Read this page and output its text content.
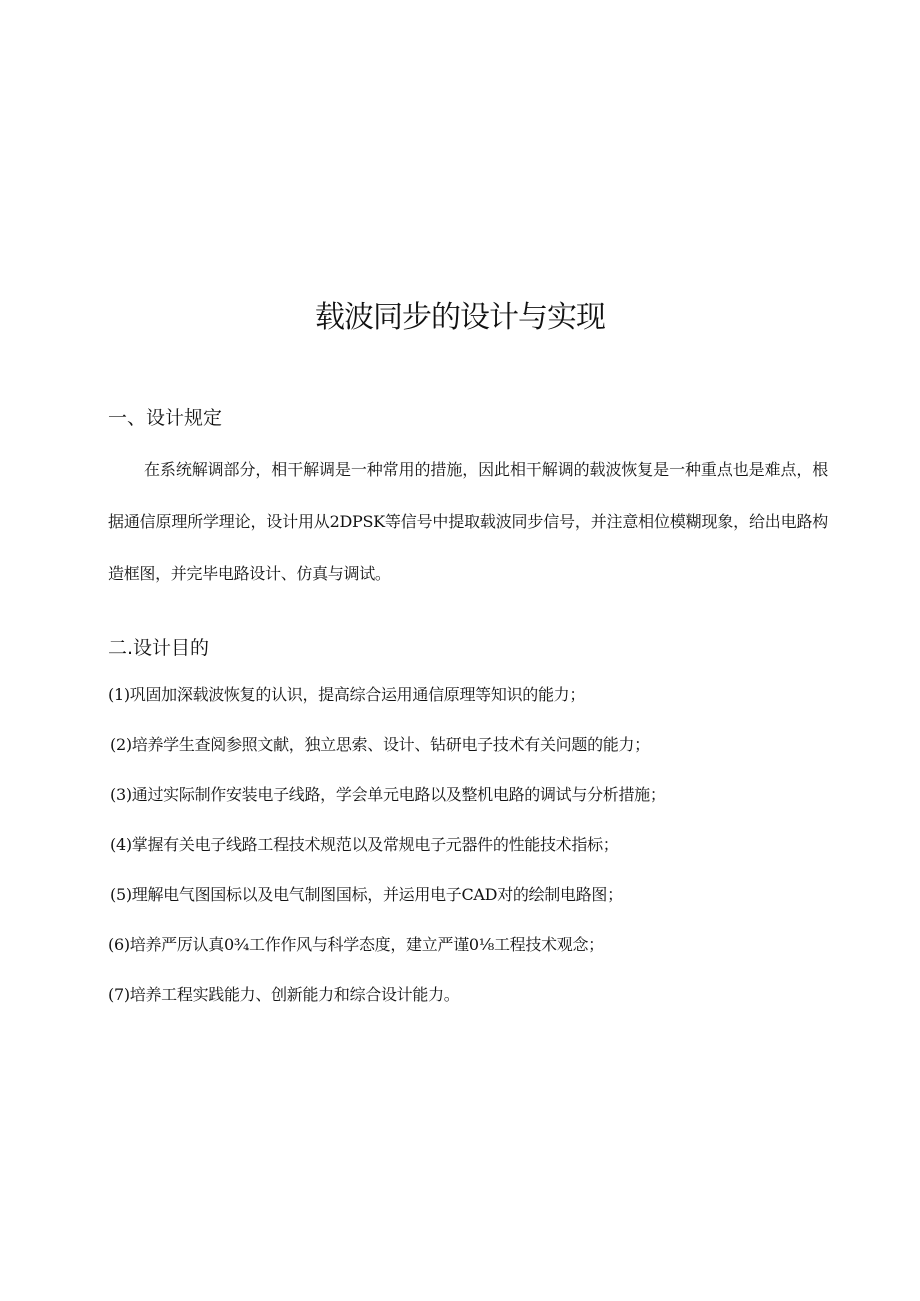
载波同步的设计与实现
一、设计规定
在系统解调部分，相干解调是一种常用的措施，因此相干解调的载波恢复是一种重点也是难点，根据通信原理所学理论，设计用从2DPSK等信号中提取载波同步信号，并注意相位模糊现象，给出电路构造框图，并完毕电路设计、仿真与调试。
二.设计目的
(1)巩固加深载波恢复的认识，提高综合运用通信原理等知识的能力；
(2)培养学生查阅参照文献，独立思索、设计、钻研电子技术有关问题的能力；
(3)通过实际制作安装电子线路，学会单元电路以及整机电路的调试与分析措施；
(4)掌握有关电子线路工程技术规范以及常规电子元器件的性能技术指标；
(5)理解电气图国标以及电气制图国标，并运用电子CAD对的绘制电路图；
(6)培养严厉认真0¾工作作风与科学态度，建立严谨0⅛工程技术观念；
(7)培养工程实践能力、创新能力和综合设计能力。
